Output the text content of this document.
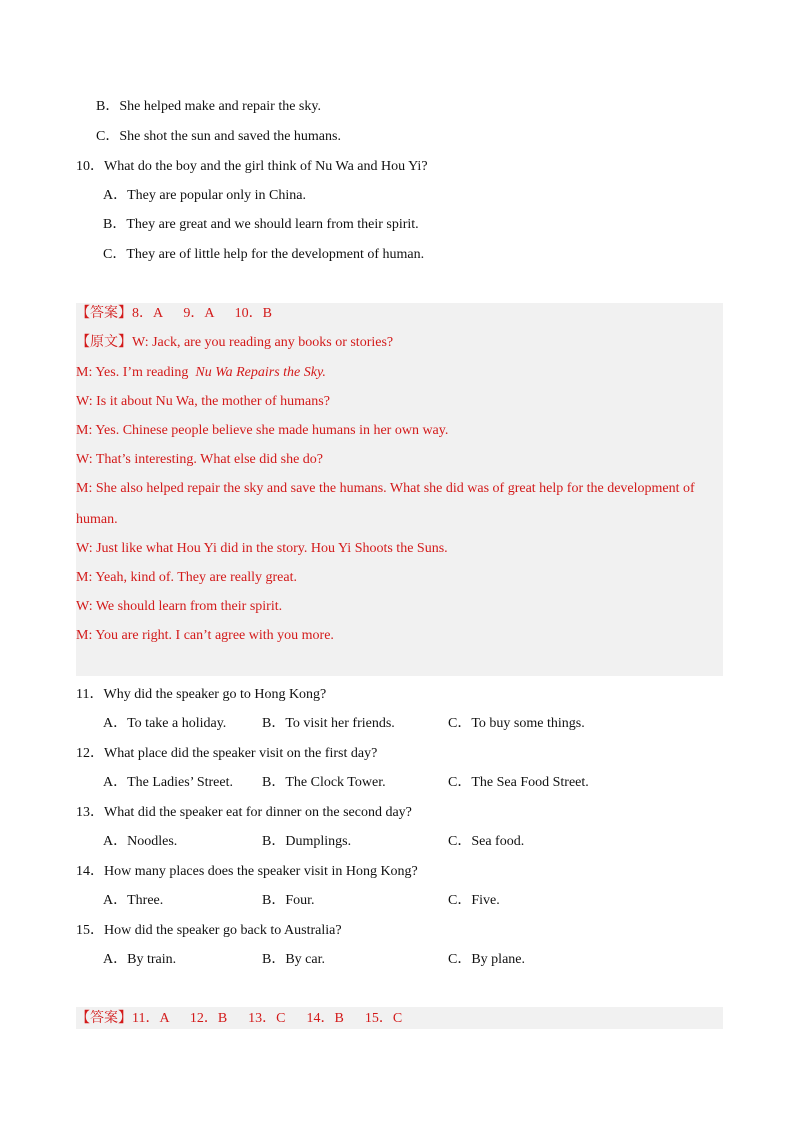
B．She helped make and repair the sky.
C．She shot the sun and saved the humans.
10．What do the boy and the girl think of Nu Wa and Hou Yi?
A．They are popular only in China.
B．They are great and we should learn from their spirit.
C．They are of little help for the development of human.
【答案】8．A      9．A      10．B
【原文】W: Jack, are you reading any books or stories?
M: Yes. I’m reading  Nu Wa Repairs the Sky.
W: Is it about Nu Wa, the mother of humans?
M: Yes. Chinese people believe she made humans in her own way.
W: That’s interesting. What else did she do?
M: She also helped repair the sky and save the humans. What she did was of great help for the development of
human.
W: Just like what Hou Yi did in the story. Hou Yi Shoots the Suns.
M: Yeah, kind of. They are really great.
W: We should learn from their spirit.
M: You are right. I can’t agree with you more.
11．Why did the speaker go to Hong Kong?
A．To take a holiday.	B．To visit her friends.	C．To buy some things.
12．What place did the speaker visit on the first day?
A．The Ladies’ Street. B．The Clock Tower.	C．The Sea Food Street.
13．What did the speaker eat for dinner on the second day?
A．Noodles.	B．Dumplings.	C．Sea food.
14．How many places does the speaker visit in Hong Kong?
A．Three.	B．Four.	C．Five.
15．How did the speaker go back to Australia?
A．By train.	B．By car.	C．By plane.
【答案】11．A      12．B      13．C      14．B      15．C
